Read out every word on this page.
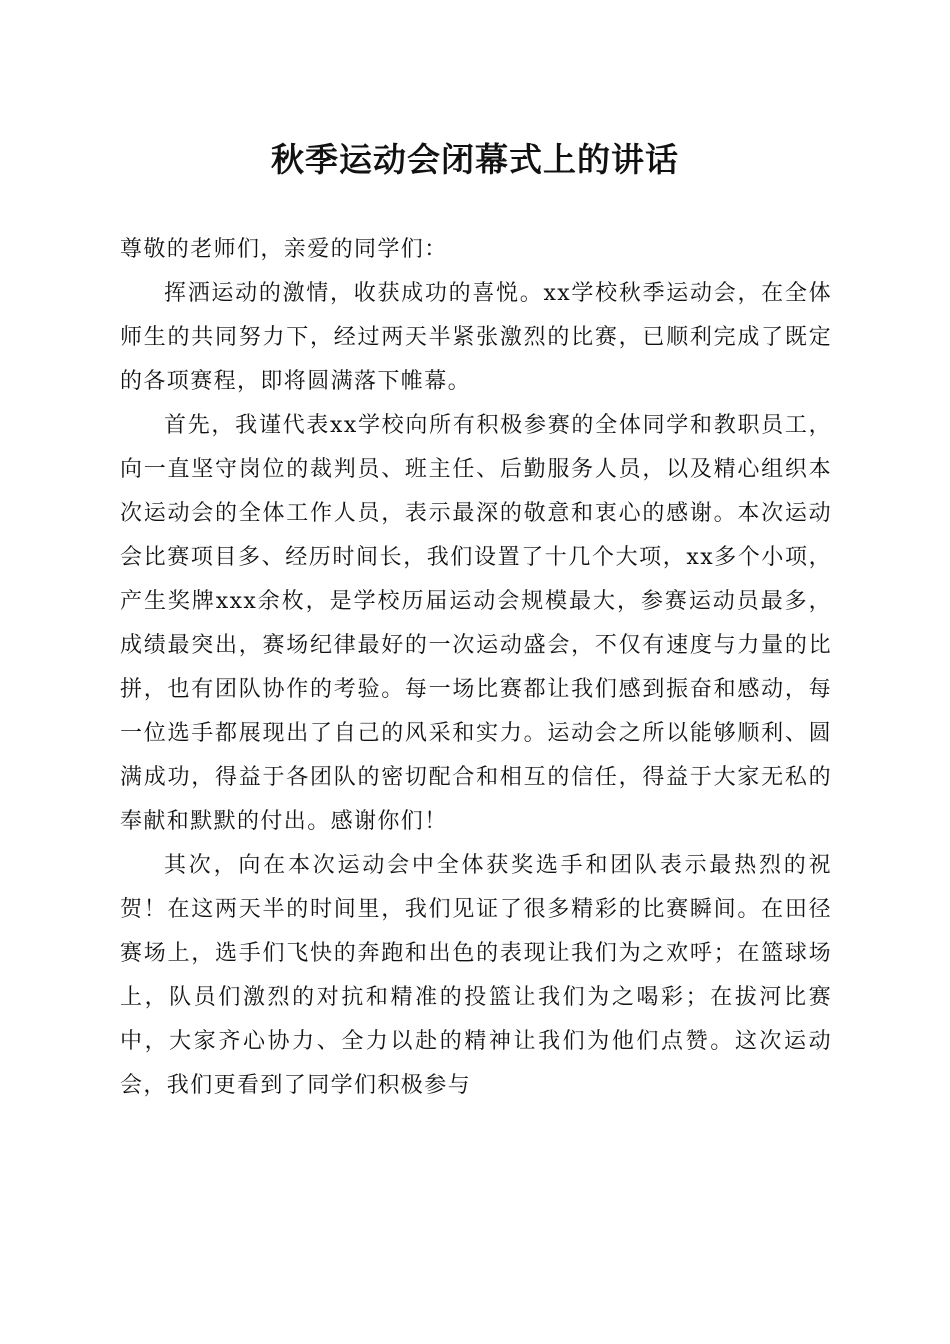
秋季运动会闭幕式上的讲话

尊敬的老师们，亲爱的同学们：

挥洒运动的激情，收获成功的喜悦。xx学校秋季运动会，在全体师生的共同努力下，经过两天半紧张激烈的比赛，已顺利完成了既定的各项赛程，即将圆满落下帷幕。

首先，我谨代表xx学校向所有积极参赛的全体同学和教职员工，向一直坚守岗位的裁判员、班主任、后勤服务人员，以及精心组织本次运动会的全体工作人员，表示最深的敬意和衷心的感谢。本次运动会比赛项目多、经历时间长，我们设置了十几个大项，xx多个小项，产生奖牌xxx余枚，是学校历届运动会规模最大，参赛运动员最多，成绩最突出，赛场纪律最好的一次运动盛会，不仅有速度与力量的比拼，也有团队协作的考验。每一场比赛都让我们感到振奋和感动，每一位选手都展现出了自己的风采和实力。运动会之所以能够顺利、圆满成功，得益于各团队的密切配合和相互的信任，得益于大家无私的奉献和默默的付出。感谢你们！

其次，向在本次运动会中全体获奖选手和团队表示最热烈的祝贺！在这两天半的时间里，我们见证了很多精彩的比赛瞬间。在田径赛场上，选手们飞快的奔跑和出色的表现让我们为之欢呼；在篮球场上，队员们激烈的对抗和精准的投篮让我们为之喝彩；在拔河比赛中，大家齐心协力、全力以赴的精神让我们为他们点赞。这次运动会，我们更看到了同学们积极参与
